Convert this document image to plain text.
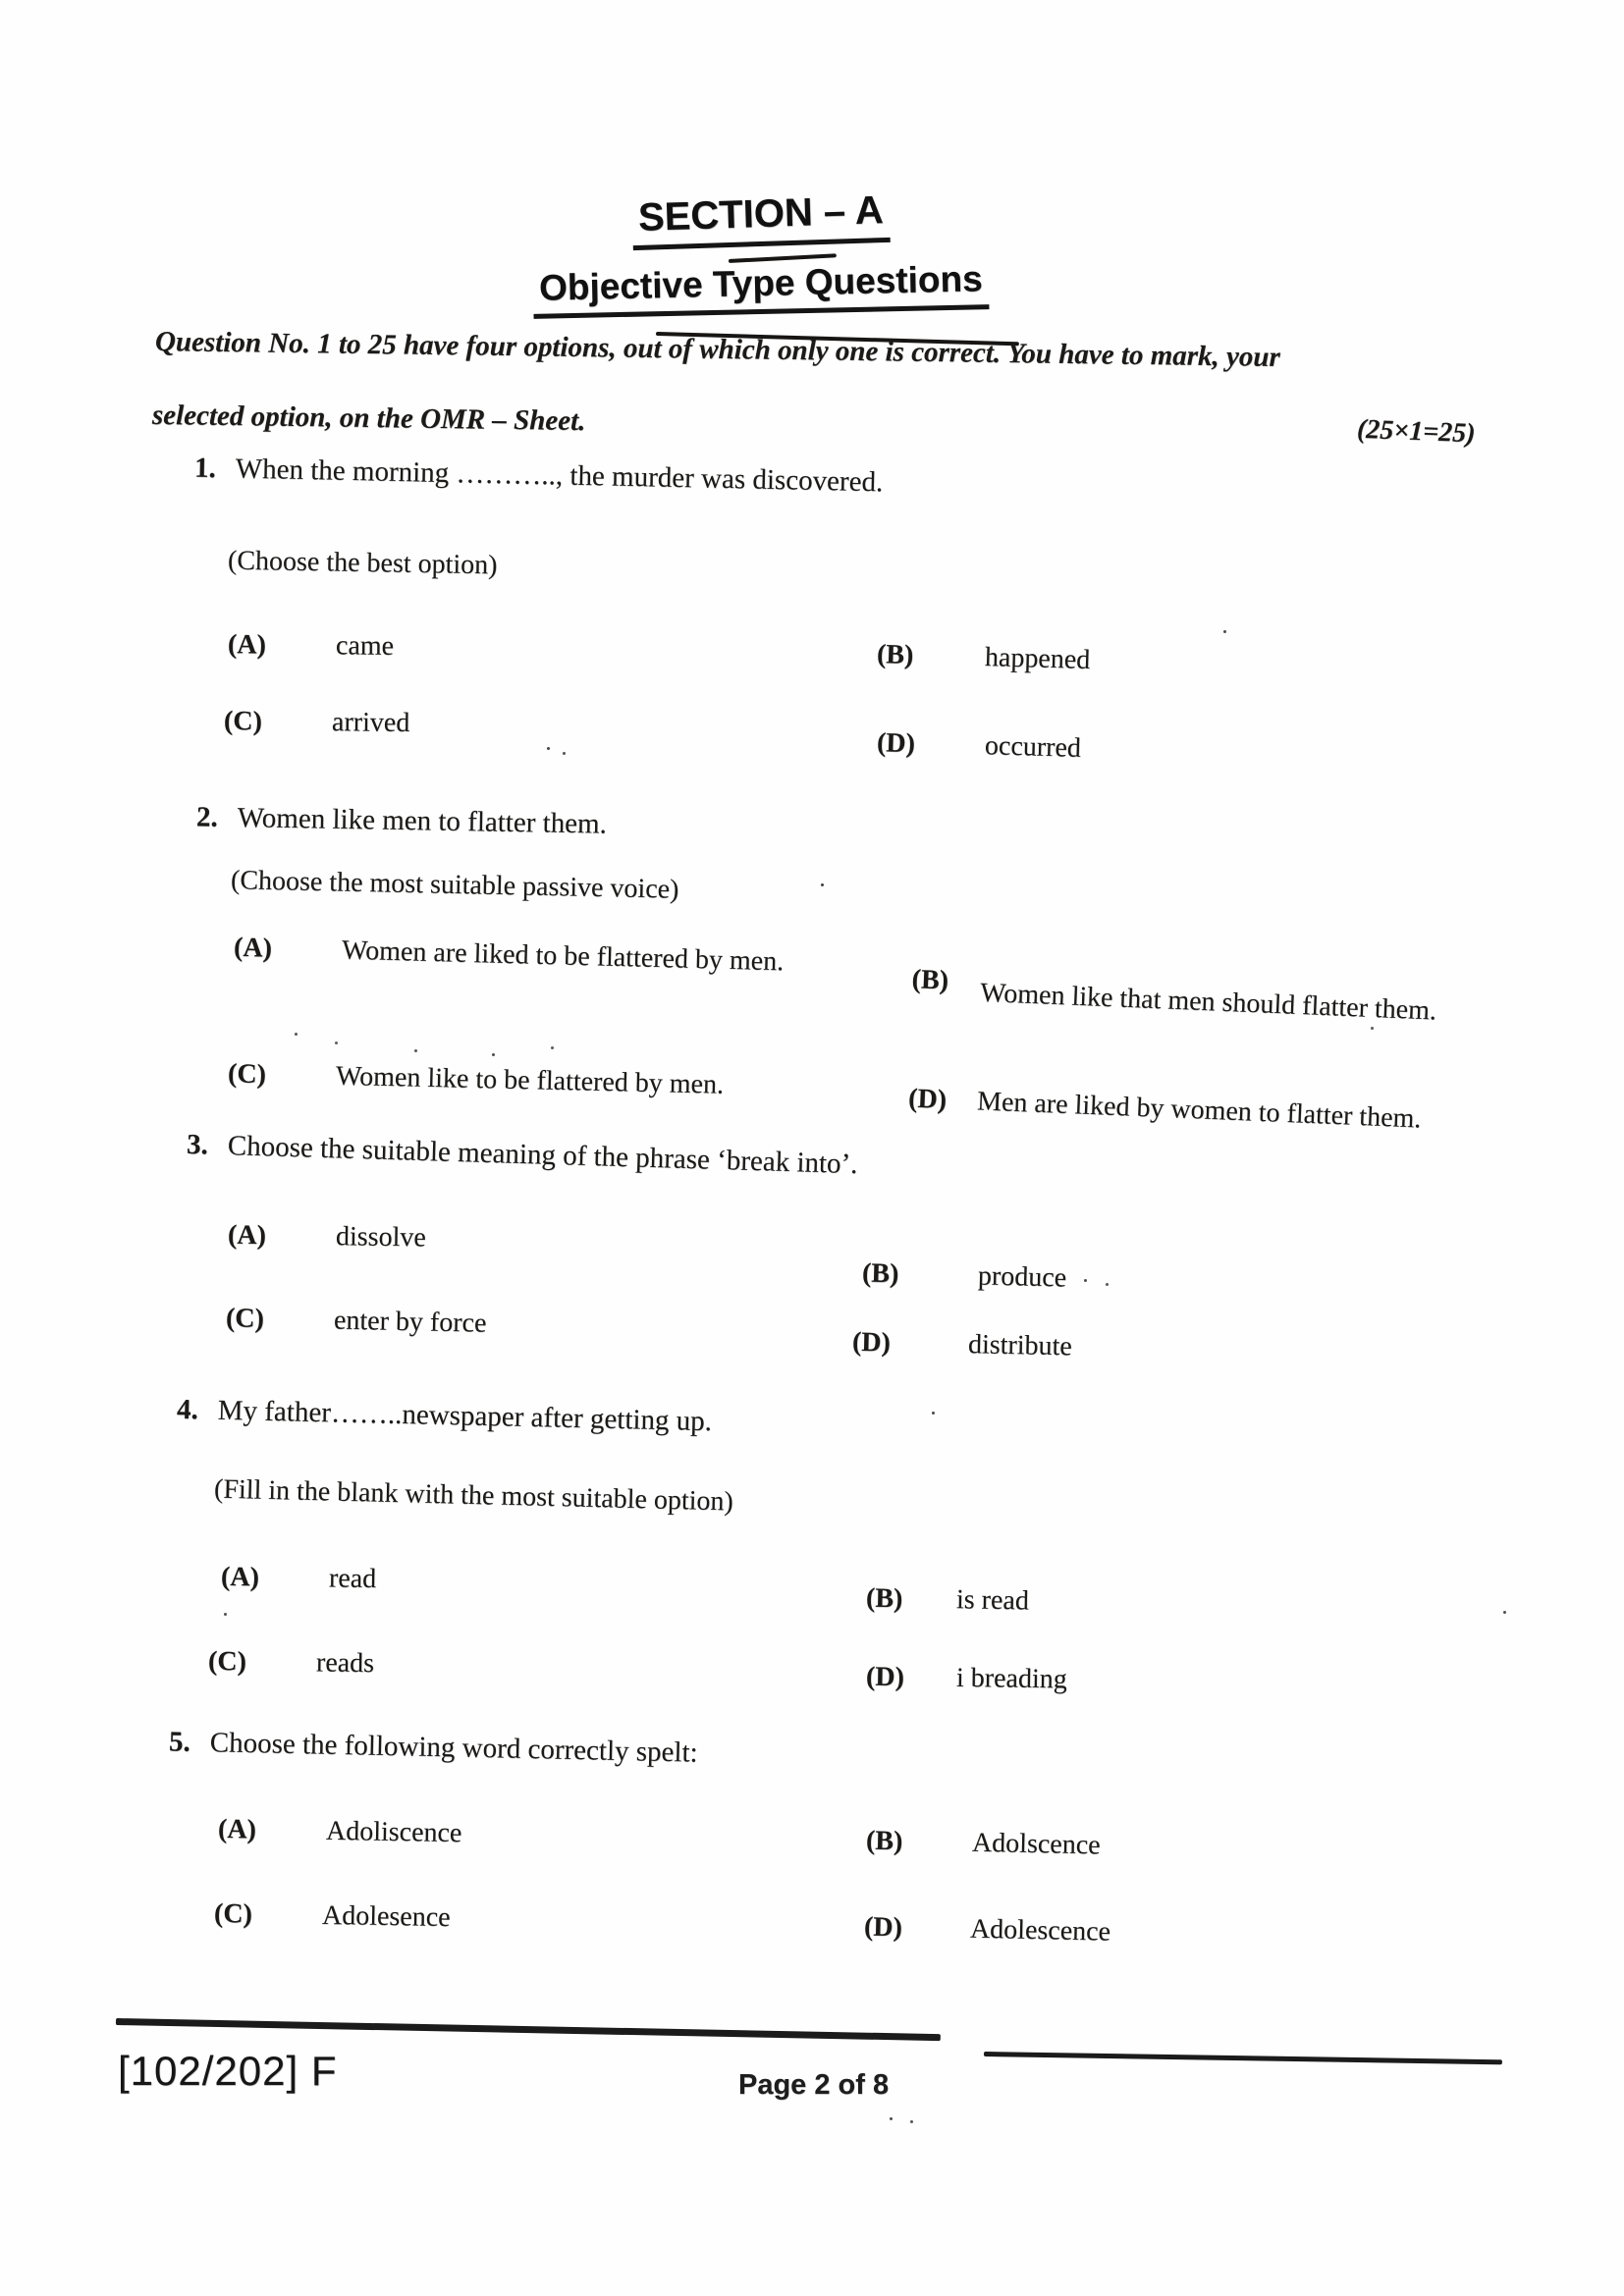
SECTION – A
Objective Type Questions
Question No. 1 to 25 have four options, out of which only one is correct. You have to mark, your
selected option, on the OMR – Sheet.	(25×1=25)
1. When the morning ……….., the murder was discovered.
(Choose the best option)
(A)	came	(B)	happened
(C)	arrived
(D)	occurred
2. Women like men to flatter them.
(Choose the most suitable passive voice)
(A)	Women are liked to be flattered by men.
(B)	Women like that men should flatter them.
(C)	Women like to be flattered by men.	(D) Men are liked by women to flatter them.
3. Choose the suitable meaning of the phrase ‘break into’.
(A)	dissolve
(B)	produce
(C)	enter by force
(D)	distribute
4. My father……..newspaper after getting up.
(Fill in the blank with the most suitable option)
(A)	read
(B) is read
(C)	reads	(D) i breading
5. Choose the following word correctly spelt:
(A)	Adoliscence	(B)	Adolscence
(C)	Adolesence	(D) Adolescence
[102/202] F	Page 2 of 8
